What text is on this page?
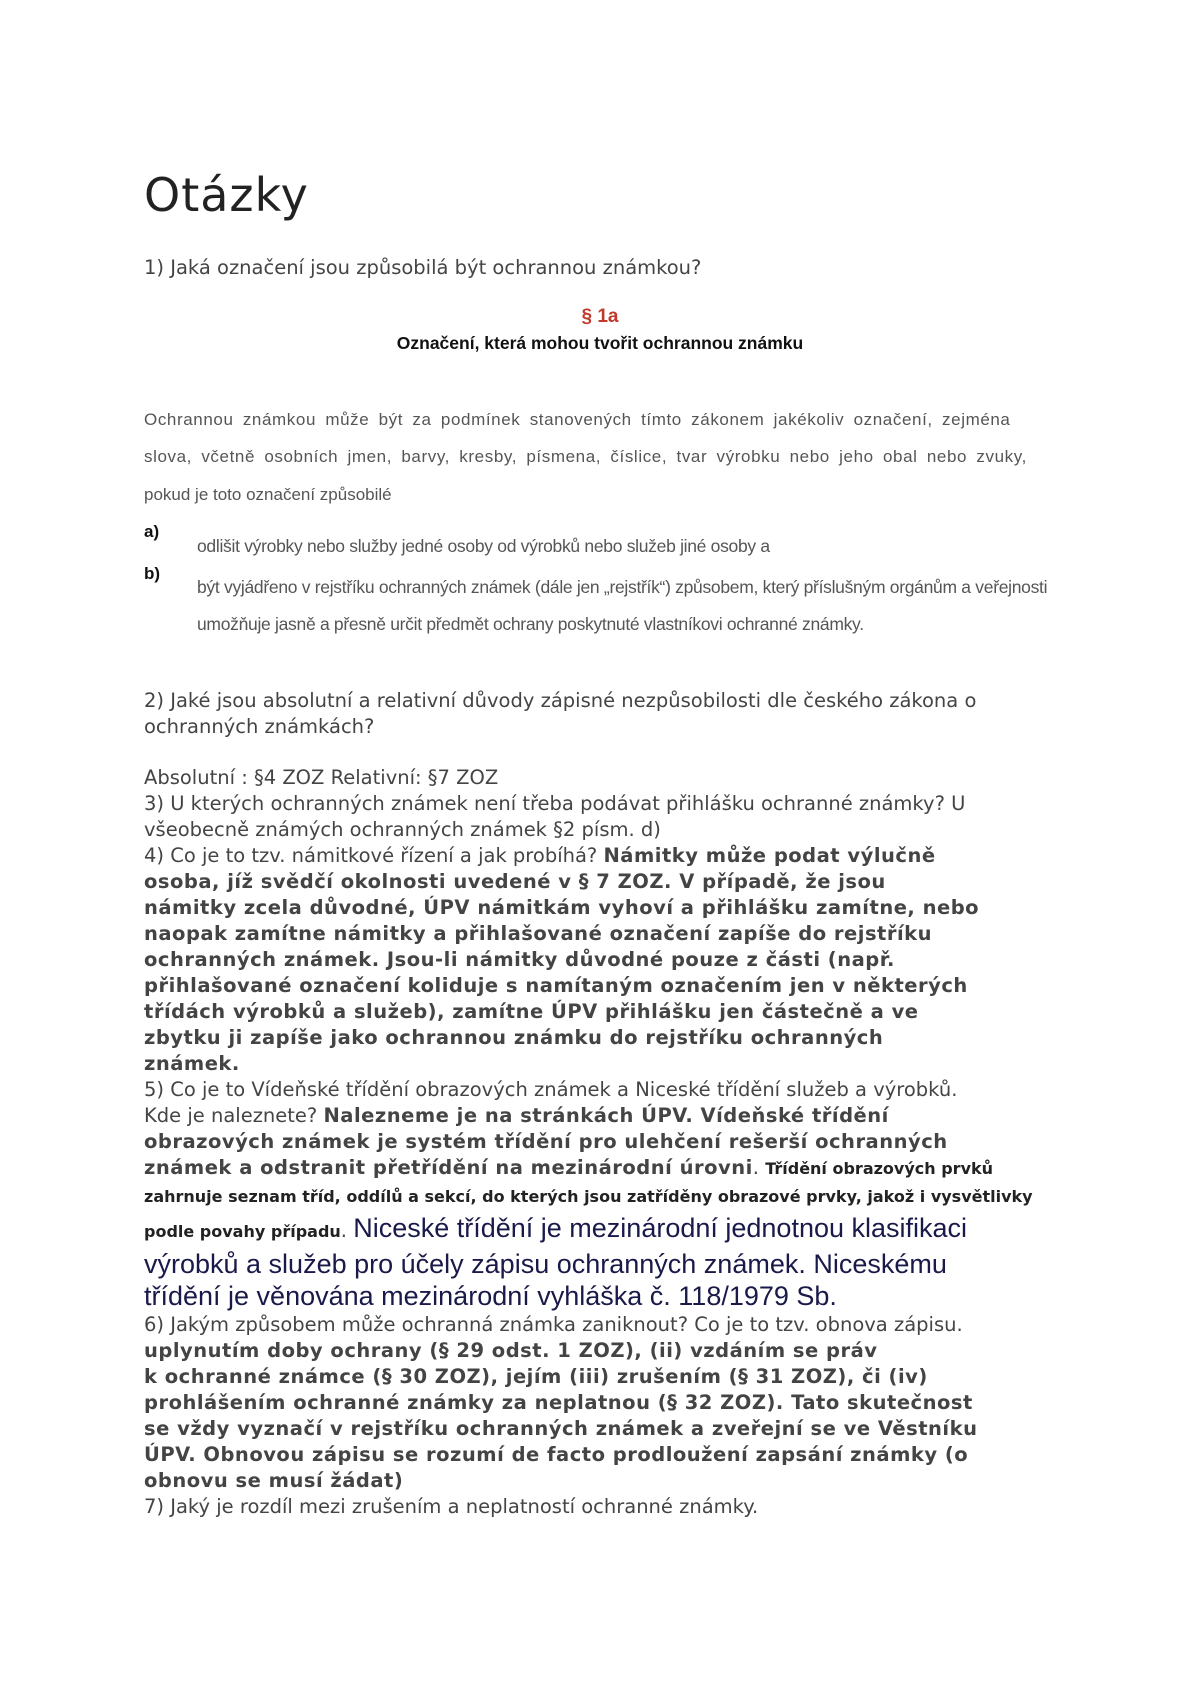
Otázky
1) Jaká označení jsou způsobilá být ochrannou známkou?
§ 1a
Označení, která mohou tvořit ochrannou známku
Ochrannou známkou může být za podmínek stanovených tímto zákonem jakékoliv označení, zejména
slova, včetně osobních jmen, barvy, kresby, písmena, číslice, tvar výrobku nebo jeho obal nebo zvuky,
pokud je toto označení způsobilé
a)
b)
odlišit výrobky nebo služby jedné osoby od výrobků nebo služeb jiné osoby a
být vyjádřeno v rejstříku ochranných známek (dále jen „rejstřík“) způsobem, který příslušným orgánům a veřejnosti
umožňuje jasně a přesně určit předmět ochrany poskytnuté vlastníkovi ochranné známky.
2) Jaké jsou absolutní a relativní důvody zápisné nezpůsobilosti dle českého zákona o
ochranných známkách?
Absolutní : §4 ZOZ Relativní: §7 ZOZ
3) U kterých ochranných známek není třeba podávat přihlášku ochranné známky? U
všeobecně známých ochranných známek §2 písm. d)
4) Co je to tzv. námitkové řízení a jak probíhá? Námitky může podat výlučně
osoba, jíž svědčí okolnosti uvedené v § 7 ZOZ. V případě, že jsou
námitky zcela důvodné, ÚPV námitkám vyhoví a přihlášku zamítne, nebo
naopak zamítne námitky a přihlašované označení zapíše do rejstříku
ochranných známek. Jsou-li námitky důvodné pouze z části (např.
přihlašované označení koliduje s namítaným označením jen v některých
třídách výrobků a služeb), zamítne ÚPV přihlášku jen částečně a ve
zbytku ji zapíše jako ochrannou známku do rejstříku ochranných
známek.
5) Co je to Vídeňské třídění obrazových známek a Niceské třídění služeb a výrobků.
Kde je naleznete? Nalezneme je na stránkách ÚPV. Vídeňské třídění
obrazových známek je systém třídění pro ulehčení rešerší ochranných
známek a odstranit přetřídění na mezinárodní úrovni. Třídění obrazových prvků
zahrnuje seznam tříd, oddílů a sekcí, do kterých jsou zatříděny obrazové prvky, jakož i vysvětlivky
podle povahy případu. Niceské třídění je mezinárodní jednotnou klasifikaci
výrobků a služeb pro účely zápisu ochranných známek. Niceskému
třídění je věnována mezinárodní vyhláška č. 118/1979 Sb.
6) Jakým způsobem může ochranná známka zaniknout? Co je to tzv. obnova zápisu.
uplynutím doby ochrany (§ 29 odst. 1 ZOZ), (ii) vzdáním se práv
k ochranné známce (§ 30 ZOZ), jejím (iii) zrušením (§ 31 ZOZ), či (iv)
prohlášením ochranné známky za neplatnou (§ 32 ZOZ). Tato skutečnost
se vždy vyznačí v rejstříku ochranných známek a zveřejní se ve Věstníku
ÚPV. Obnovou zápisu se rozumí de facto prodloužení zapsání známky (o
obnovu se musí žádat)
7) Jaký je rozdíl mezi zrušením a neplatností ochranné známky.
